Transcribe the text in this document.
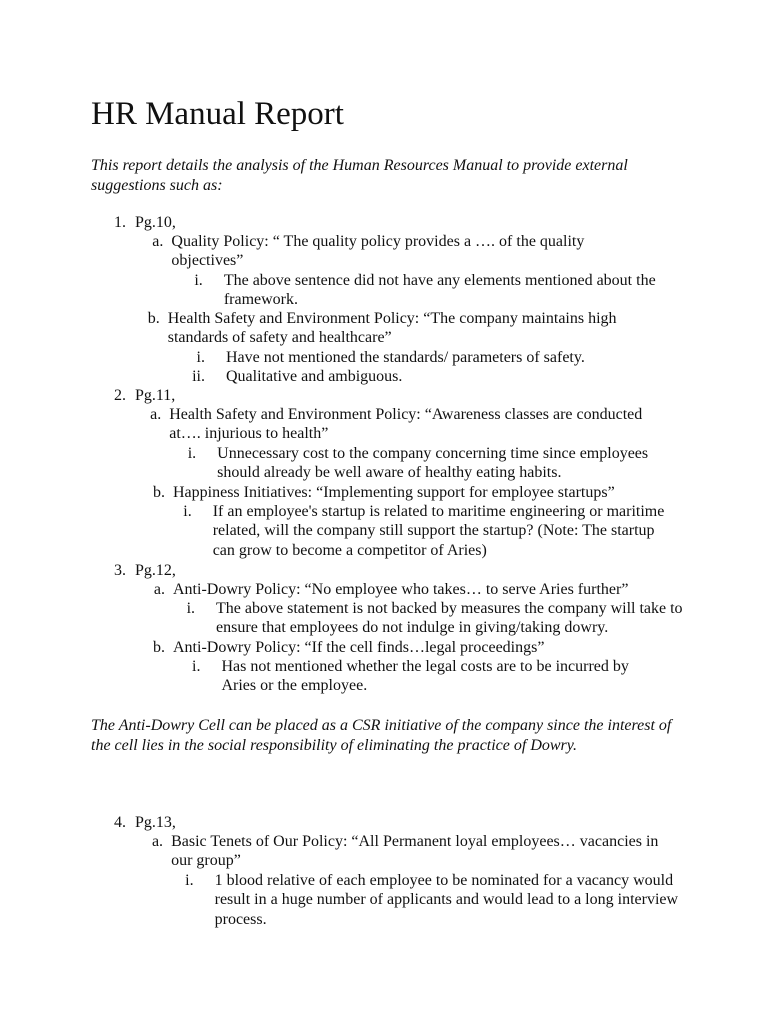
HR Manual Report

This report details the analysis of the Human Resources Manual to provide external suggestions such as:

1. Pg.10,
a. Quality Policy: “ The quality policy provides a …. of the quality objectives”
i. The above sentence did not have any elements mentioned about the framework.
b. Health Safety and Environment Policy: “The company maintains high standards of safety and healthcare”
i. Have not mentioned the standards/ parameters of safety.
ii. Qualitative and ambiguous.
2. Pg.11,
a. Health Safety and Environment Policy: “Awareness classes are conducted at…. injurious to health”
i. Unnecessary cost to the company concerning time since employees should already be well aware of healthy eating habits.
b. Happiness Initiatives: “Implementing support for employee startups”
i. If an employee's startup is related to maritime engineering or maritime related, will the company still support the startup? (Note: The startup can grow to become a competitor of Aries)
3. Pg.12,
a. Anti-Dowry Policy: “No employee who takes… to serve Aries further”
i. The above statement is not backed by measures the company will take to ensure that employees do not indulge in giving/taking dowry.
b. Anti-Dowry Policy: “If the cell finds…legal proceedings”
i. Has not mentioned whether the legal costs are to be incurred by Aries or the employee.
4. Pg.13,
a. Basic Tenets of Our Policy: “All Permanent loyal employees… vacancies in our group”
i. 1 blood relative of each employee to be nominated for a vacancy would result in a huge number of applicants and would lead to a long interview process.

The Anti-Dowry Cell can be placed as a CSR initiative of the company since the interest of the cell lies in the social responsibility of eliminating the practice of Dowry.
